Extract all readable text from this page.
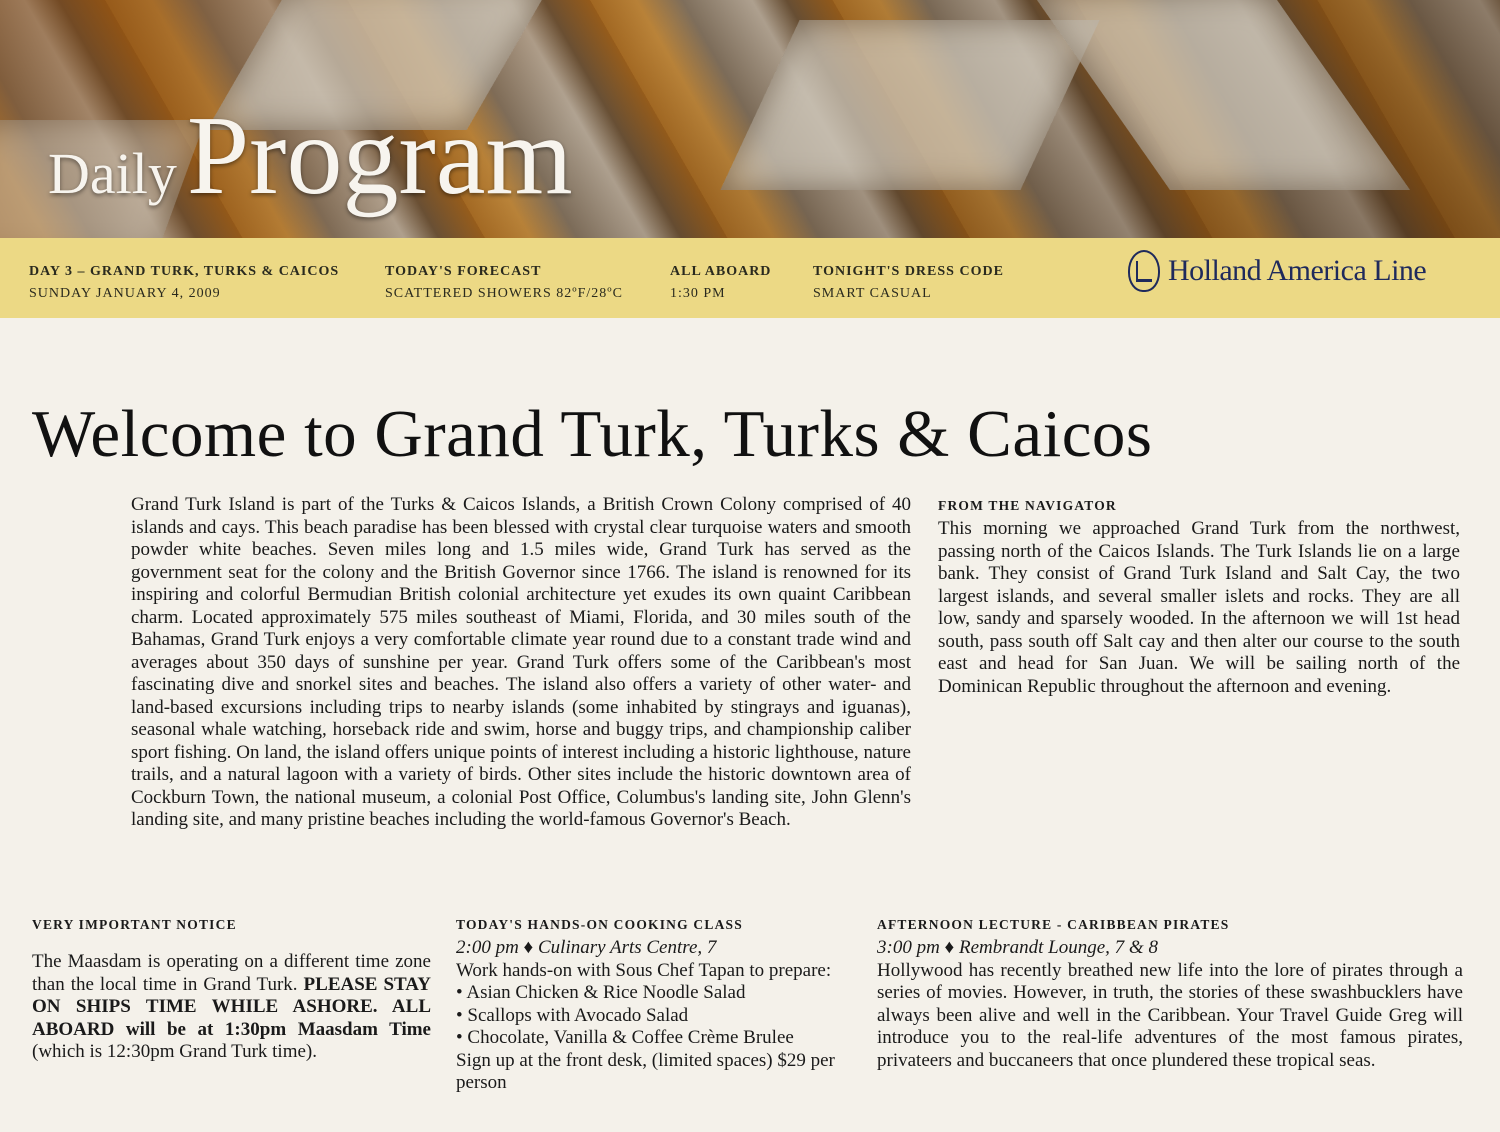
DailyProgram
DAY 3 – GRAND TURK, TURKS & CAICOS
SUNDAY JANUARY 4, 2009
TODAY'S FORECAST
SCATTERED SHOWERS 82ºF/28ºC
ALL ABOARD
1:30 PM
TONIGHT'S DRESS CODE
SMART CASUAL
Holland America Line
Welcome to Grand Turk, Turks & Caicos

Grand Turk Island is part of the Turks & Caicos Islands, a British Crown Colony comprised of 40 islands and cays. This beach paradise has been blessed with crystal clear turquoise waters and smooth powder white beaches. Seven miles long and 1.5 miles wide, Grand Turk has served as the government seat for the colony and the British Governor since 1766. The island is renowned for its inspiring and colorful Bermudian British colonial architecture yet exudes its own quaint Caribbean charm. Located approximately 575 miles southeast of Miami, Florida, and 30 miles south of the Bahamas, Grand Turk enjoys a very comfortable climate year round due to a constant trade wind and averages about 350 days of sunshine per year. Grand Turk offers some of the Caribbean's most fascinating dive and snorkel sites and beaches. The island also offers a variety of other water- and land-based excursions including trips to nearby islands (some inhabited by stingrays and iguanas), seasonal whale watching, horseback ride and swim, horse and buggy trips, and championship caliber sport fishing. On land, the island offers unique points of interest including a historic lighthouse, nature trails, and a natural lagoon with a variety of birds. Other sites include the historic downtown area of Cockburn Town, the national museum, a colonial Post Office, Columbus's landing site, John Glenn's landing site, and many pristine beaches including the world-famous Governor's Beach.

FROM THE NAVIGATOR

This morning we approached Grand Turk from the northwest, passing north of the Caicos Islands. The Turk Islands lie on a large bank. They consist of Grand Turk Island and Salt Cay, the two largest islands, and several smaller islets and rocks. They are all low, sandy and sparsely wooded. In the afternoon we will 1st head south, pass south off Salt cay and then alter our course to the south east and head for San Juan. We will be sailing north of the Dominican Republic throughout the afternoon and evening.

VERY IMPORTANT NOTICE

The Maasdam is operating on a different time zone than the local time in Grand Turk. PLEASE STAY ON SHIPS TIME WHILE ASHORE. ALL ABOARD will be at 1:30pm Maasdam Time (which is 12:30pm Grand Turk time).

TODAY'S HANDS-ON COOKING CLASS

2:00 pm ♦ Culinary Arts Centre, 7

Work hands-on with Sous Chef Tapan to prepare:

• Asian Chicken & Rice Noodle Salad
• Scallops with Avocado Salad
• Chocolate, Vanilla & Coffee Crème Brulee

Sign up at the front desk, (limited spaces) $29 per person

AFTERNOON LECTURE - CARIBBEAN PIRATES

3:00 pm ♦ Rembrandt Lounge, 7 & 8

Hollywood has recently breathed new life into the lore of pirates through a series of movies. However, in truth, the stories of these swashbucklers have always been alive and well in the Caribbean. Your Travel Guide Greg will introduce you to the real-life adventures of the most famous pirates, privateers and buccaneers that once plundered these tropical seas.
